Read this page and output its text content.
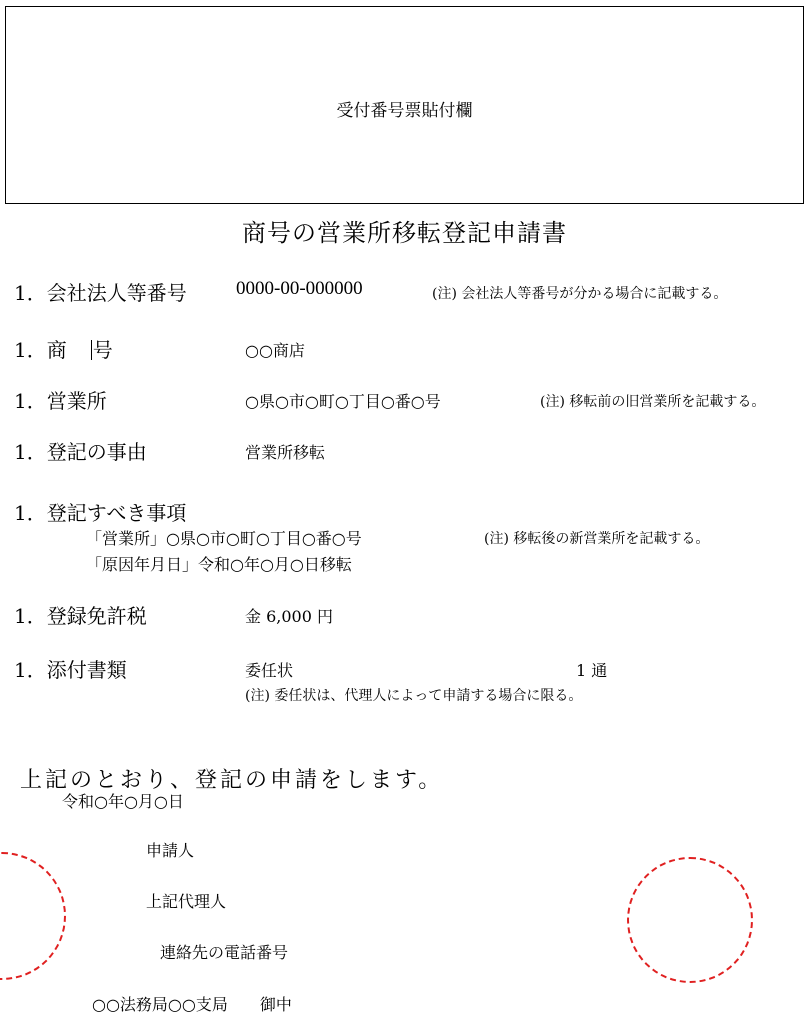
受付番号票貼付欄
商号の営業所移転登記申請書
1．会社法人等番号	0000-00-000000	(注) 会社法人等番号が分かる場合に記載する。
1．商 号	○○商店
1．営業所	○県○市○町○丁目○番○号	(注) 移転前の旧営業所を記載する。
1．登記の事由	営業所移転
1．登記すべき事項
「営業所」○県○市○町○丁目○番○号	(注) 移転後の新営業所を記載する。
「原因年月日」令和○年○月○日移転
1．登録免許税	金 6,000 円
1．添付書類	委任状	1 通
(注) 委任状は、代理人によって申請する場合に限る。
上記のとおり、登記の申請をします。
令和○年○月○日
申請人
上記代理人
連絡先の電話番号
○○法務局○○支局　　御中
